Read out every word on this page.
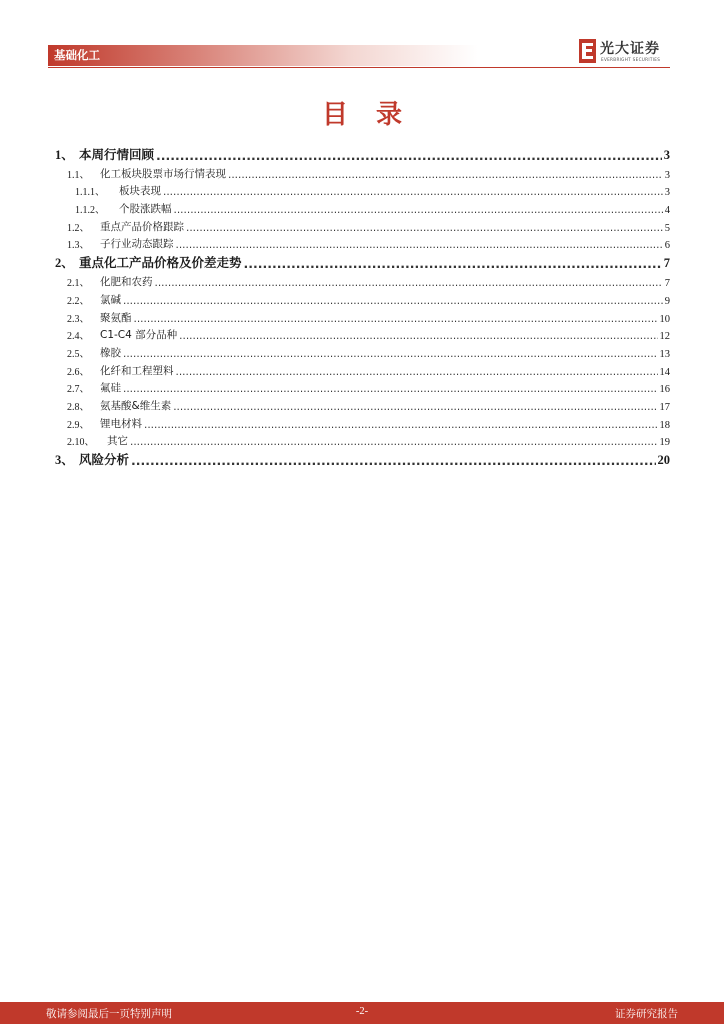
基础化工	光大证券
EVERBRIGHT SECURITIES
目录
1、 本周行情回顾 .....	3
1.1、	化工板块股票市场行情表现 .....	3
1.1.1、	板块表现 .....	3
1.1.2、	个股涨跌幅 .....	4
1.2、	重点产品价格跟踪 .....	5
1.3、	子行业动态跟踪 .....	6
2、 重点化工产品价格及价差走势 .....	7
2.1、	化肥和农药 .....	7
2.2、	氯碱 .....	9
2.3、	聚氨酯 .....	10
2.4、	C1-C4 部分品种 .....	12
2.5、	橡胶 .....	13
2.6、	化纤和工程塑料 .....	14
2.7、	氟硅 .....	16
2.8、	氨基酸&维生素 .....	17
2.9、	锂电材料 .....	18
2.10、	其它 .....	19
3、 风险分析 .....	20
敬请参阅最后一页特别声明	-2-	证券研究报告
